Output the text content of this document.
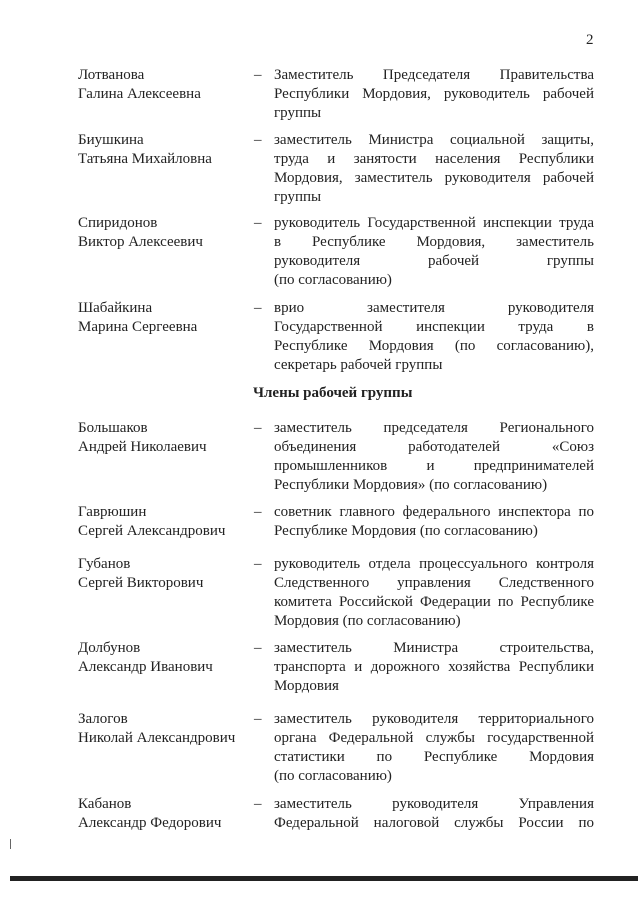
2
Лотванова
Галина Алексеевна
– Заместитель Председателя Правительства
Республики Мордовия, руководитель рабочей
группы
Биушкина
Татьяна Михайловна
– заместитель Министра социальной защиты,
труда и занятости населения Республики
Мордовия, заместитель руководителя рабочей
группы
Спиридонов
Виктор Алексеевич
– руководитель Государственной инспекции труда
в Республике Мордовия, заместитель
руководителя рабочей группы
(по согласованию)
Шабайкина
Марина Сергеевна
– врио заместителя руководителя
Государственной инспекции труда в
Республике Мордовия (по согласованию),
секретарь рабочей группы
Члены рабочей группы
Большаков
Андрей Николаевич
– заместитель председателя Регионального
объединения работодателей «Союз
промышленников и предпринимателей
Республики Мордовия» (по согласованию)
Гаврюшин
Сергей Александрович
– советник главного федерального инспектора по
Республике Мордовия (по согласованию)
Губанов
Сергей Викторович
– руководитель отдела процессуального контроля
Следственного управления Следственного
комитета Российской Федерации по Республике
Мордовия (по согласованию)
Долбунов
Александр Иванович
– заместитель Министра строительства,
транспорта и дорожного хозяйства Республики
Мордовия
Залогов
Николай Александрович
– заместитель руководителя территориального
органа Федеральной службы государственной
статистики по Республике Мордовия
(по согласованию)
Кабанов
Александр Федорович
– заместитель руководителя Управления
Федеральной налоговой службы России по
